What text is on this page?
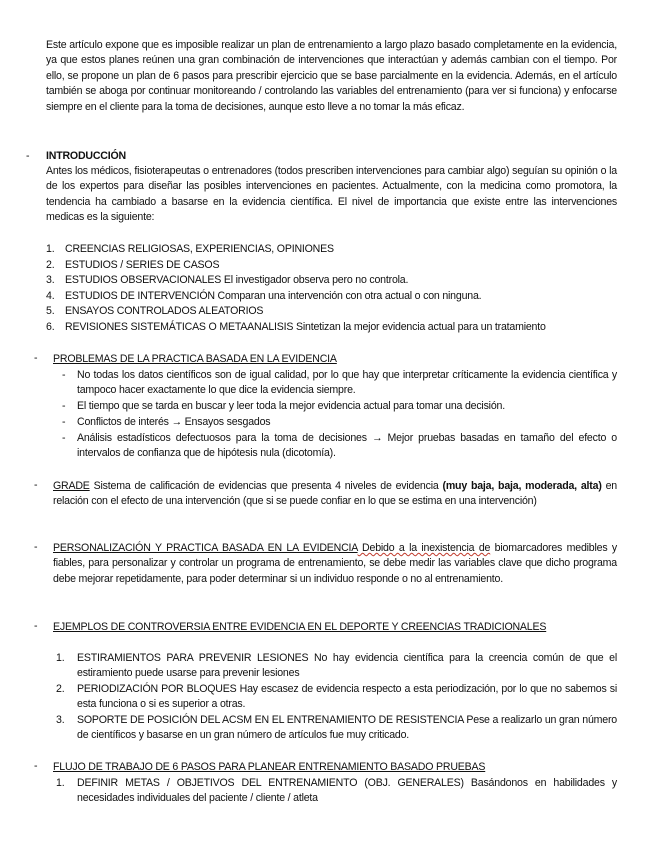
Este artículo expone que es imposible realizar un plan de entrenamiento a largo plazo basado completamente en la evidencia, ya que estos planes reúnen una gran combinación de intervenciones que interactúan y además cambian con el tiempo. Por ello, se propone un plan de 6 pasos para prescribir ejercicio que se base parcialmente en la evidencia. Además, en el artículo también se aboga por continuar monitoreando / controlando las variables del entrenamiento (para ver si funciona) y enfocarse siempre en el cliente para la toma de decisiones, aunque esto lleve a no tomar la más eficaz.
- INTRODUCCIÓN
Antes los médicos, fisioterapeutas o entrenadores (todos prescriben intervenciones para cambiar algo) seguían su opinión o la de los expertos para diseñar las posibles intervenciones en pacientes. Actualmente, con la medicina como promotora, la tendencia ha cambiado a basarse en la evidencia científica. El nivel de importancia que existe entre las intervenciones medicas es la siguiente:
1. CREENCIAS RELIGIOSAS, EXPERIENCIAS, OPINIONES
2. ESTUDIOS / SERIES DE CASOS
3. ESTUDIOS OBSERVACIONALES El investigador observa pero no controla.
4. ESTUDIOS DE INTERVENCIÓN Comparan una intervención con otra actual o con ninguna.
5. ENSAYOS CONTROLADOS ALEATORIOS
6. REVISIONES SISTEMÁTICAS O METAANALISIS Sintetizan la mejor evidencia actual para un tratamiento
- PROBLEMAS DE LA PRACTICA BASADA EN LA EVIDENCIA
- No todas los datos científicos son de igual calidad, por lo que hay que interpretar críticamente la evidencia científica y tampoco hacer exactamente lo que dice la evidencia siempre.
- El tiempo que se tarda en buscar y leer toda la mejor evidencia actual para tomar una decisión.
- Conflictos de interés → Ensayos sesgados
- Análisis estadísticos defectuosos para la toma de decisiones → Mejor pruebas basadas en tamaño del efecto o intervalos de confianza que de hipótesis nula (dicotomía).
- GRADE Sistema de calificación de evidencias que presenta 4 niveles de evidencia (muy baja, baja, moderada, alta) en relación con el efecto de una intervención (que si se puede confiar en lo que se estima en una intervención)
- PERSONALIZACIÓN Y PRACTICA BASADA EN LA EVIDENCIA Debido a la inexistencia de biomarcadores medibles y fiables, para personalizar y controlar un programa de entrenamiento, se debe medir las variables clave que dicho programa debe mejorar repetidamente, para poder determinar si un individuo responde o no al entrenamiento.
- EJEMPLOS DE CONTROVERSIA ENTRE EVIDENCIA EN EL DEPORTE Y CREENCIAS TRADICIONALES
1. ESTIRAMIENTOS PARA PREVENIR LESIONES No hay evidencia científica para la creencia común de que el estiramiento puede usarse para prevenir lesiones
2. PERIODIZACIÓN POR BLOQUES Hay escasez de evidencia respecto a esta periodización, por lo que no sabemos si esta funciona o si es superior a otras.
3. SOPORTE DE POSICIÓN DEL ACSM EN EL ENTRENAMIENTO DE RESISTENCIA Pese a realizarlo un gran número de científicos y basarse en un gran número de artículos fue muy criticado.
- FLUJO DE TRABAJO DE 6 PASOS PARA PLANEAR ENTRENAMIENTO BASADO PRUEBAS
1. DEFINIR METAS / OBJETIVOS DEL ENTRENAMIENTO (OBJ. GENERALES) Basándonos en habilidades y necesidades individuales del paciente / cliente / atleta
